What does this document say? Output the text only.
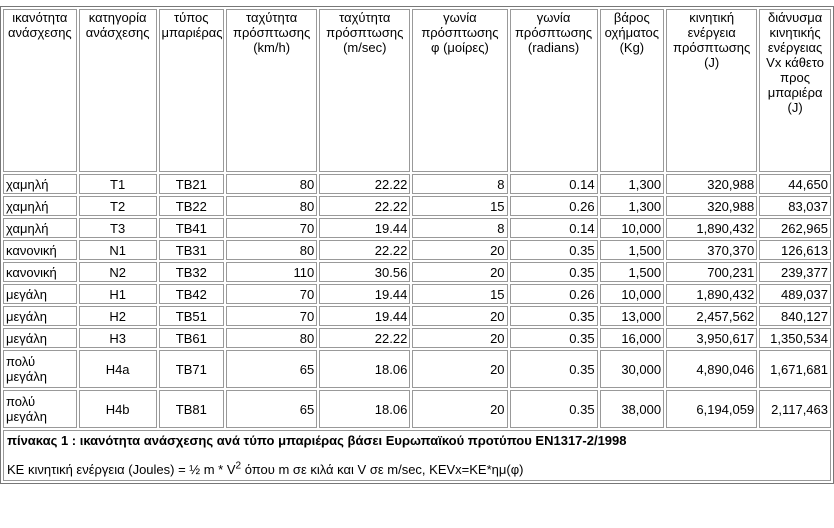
ικανότητα ανάσχεσης	κατηγορία ανάσχεσης	τύπος μπαριέρας	ταχύτητα πρόσπτωσης (km/h)	ταχύτητα πρόσπτωσης (m/sec)	γωνία πρόσπτωσης φ (μοίρες)	γωνία πρόσπτωσης (radians)	βάρος οχήματος (Kg)	κινητική ενέργεια πρόσπτωσης (J)	διάνυσμα κινητικής ενέργειας Vx κάθετο προς μπαριέρα (J)
χαμηλή	T1	TB21	80	22.22	8	0.14	1,300	320,988	44,650
χαμηλή	T2	TB22	80	22.22	15	0.26	1,300	320,988	83,037
χαμηλή	T3	TB41	70	19.44	8	0.14	10,000	1,890,432	262,965
κανονική	N1	TB31	80	22.22	20	0.35	1,500	370,370	126,613
κανονική	N2	TB32	110	30.56	20	0.35	1,500	700,231	239,377
μεγάλη	H1	TB42	70	19.44	15	0.26	10,000	1,890,432	489,037
μεγάλη	H2	TB51	70	19.44	20	0.35	13,000	2,457,562	840,127
μεγάλη	H3	TB61	80	22.22	20	0.35	16,000	3,950,617	1,350,534
πολύ μεγάλη	H4a	TB71	65	18.06	20	0.35	30,000	4,890,046	1,671,681
πολύ μεγάλη	H4b	TB81	65	18.06	20	0.35	38,000	6,194,059	2,117,463

πίνακας 1 : ικανότητα ανάσχεσης ανά τύπο μπαριέρας βάσει Ευρωπαϊκού προτύπου EN1317-2/1998
KE κινητική ενέργεια (Joules) = ½ m * $V^2$ όπου m σε κιλά και V σε m/sec, KEVx=KE*ημ(φ)									
